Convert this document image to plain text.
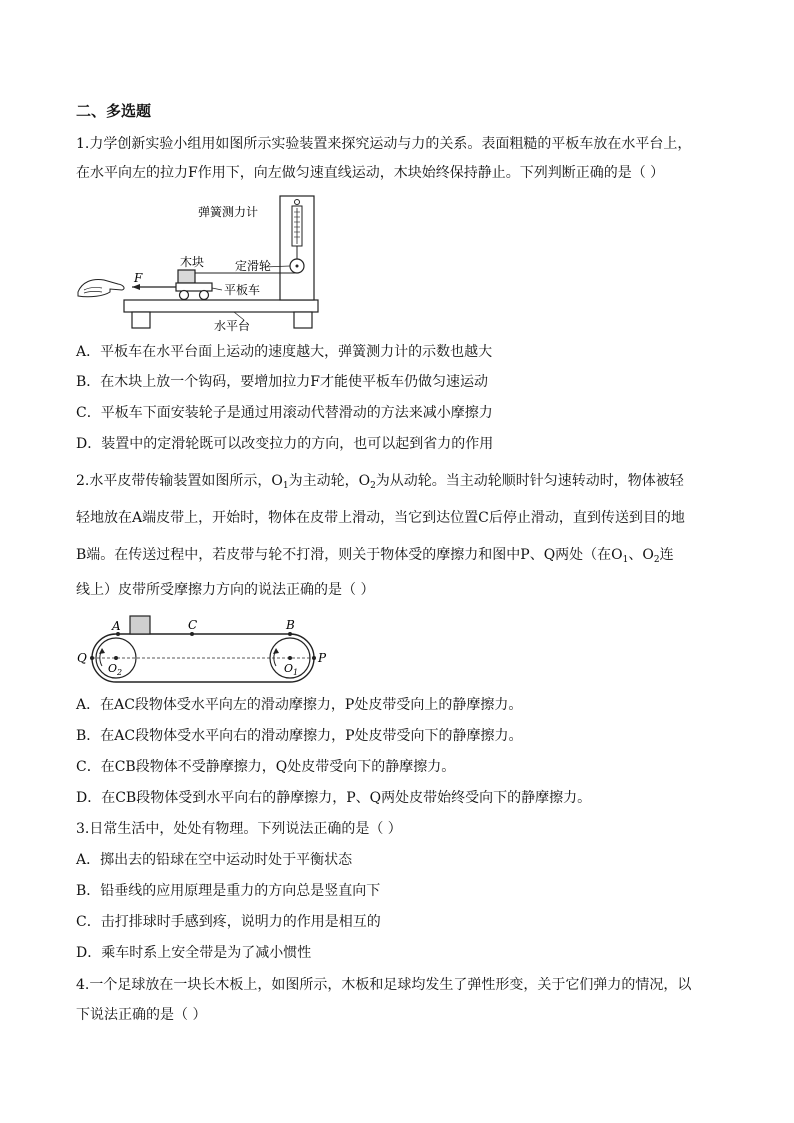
二、多选题
1.力学创新实验小组用如图所示实验装置来探究运动与力的关系。表面粗糙的平板车放在水平台上，
在水平向左的拉力F作用下，向左做匀速直线运动，木块始终保持静止。下列判断正确的是（ ）
弹簧测力计
木块	定滑轮
F
平板车
水平台
A．平板车在水平台面上运动的速度越大，弹簧测力计的示数也越大
B．在木块上放一个钩码，要增加拉力F才能使平板车仍做匀速运动
C．平板车下面安装轮子是通过用滚动代替滑动的方法来减小摩擦力
D．装置中的定滑轮既可以改变拉力的方向，也可以起到省力的作用
2.水平皮带传输装置如图所示，$O_1$为主动轮，$O_2$为从动轮。当主动轮顺时针匀速转动时，物体被轻
轻地放在A端皮带上，开始时，物体在皮带上滑动，当它到达位置C后停止滑动，直到传送到目的地
B端。在传送过程中，若皮带与轮不打滑，则关于物体受的摩擦力和图中P、Q两处（在$O_1$、$O_2$连
线上）皮带所受摩擦力方向的说法正确的是（ ）
A	C	B
Q	P
$O_2$	$O_1$
A．在AC段物体受水平向左的滑动摩擦力，P处皮带受向上的静摩擦力。
B．在AC段物体受水平向右的滑动摩擦力，P处皮带受向下的静摩擦力。
C．在CB段物体不受静摩擦力，Q处皮带受向下的静摩擦力。
D．在CB段物体受到水平向右的静摩擦力，P、Q两处皮带始终受向下的静摩擦力。
3.日常生活中，处处有物理。下列说法正确的是（ ）
A．掷出去的铅球在空中运动时处于平衡状态
B．铅垂线的应用原理是重力的方向总是竖直向下
C．击打排球时手感到疼，说明力的作用是相互的
D．乘车时系上安全带是为了减小惯性
4.一个足球放在一块长木板上，如图所示，木板和足球均发生了弹性形变，关于它们弹力的情况，以
下说法正确的是（ ）
